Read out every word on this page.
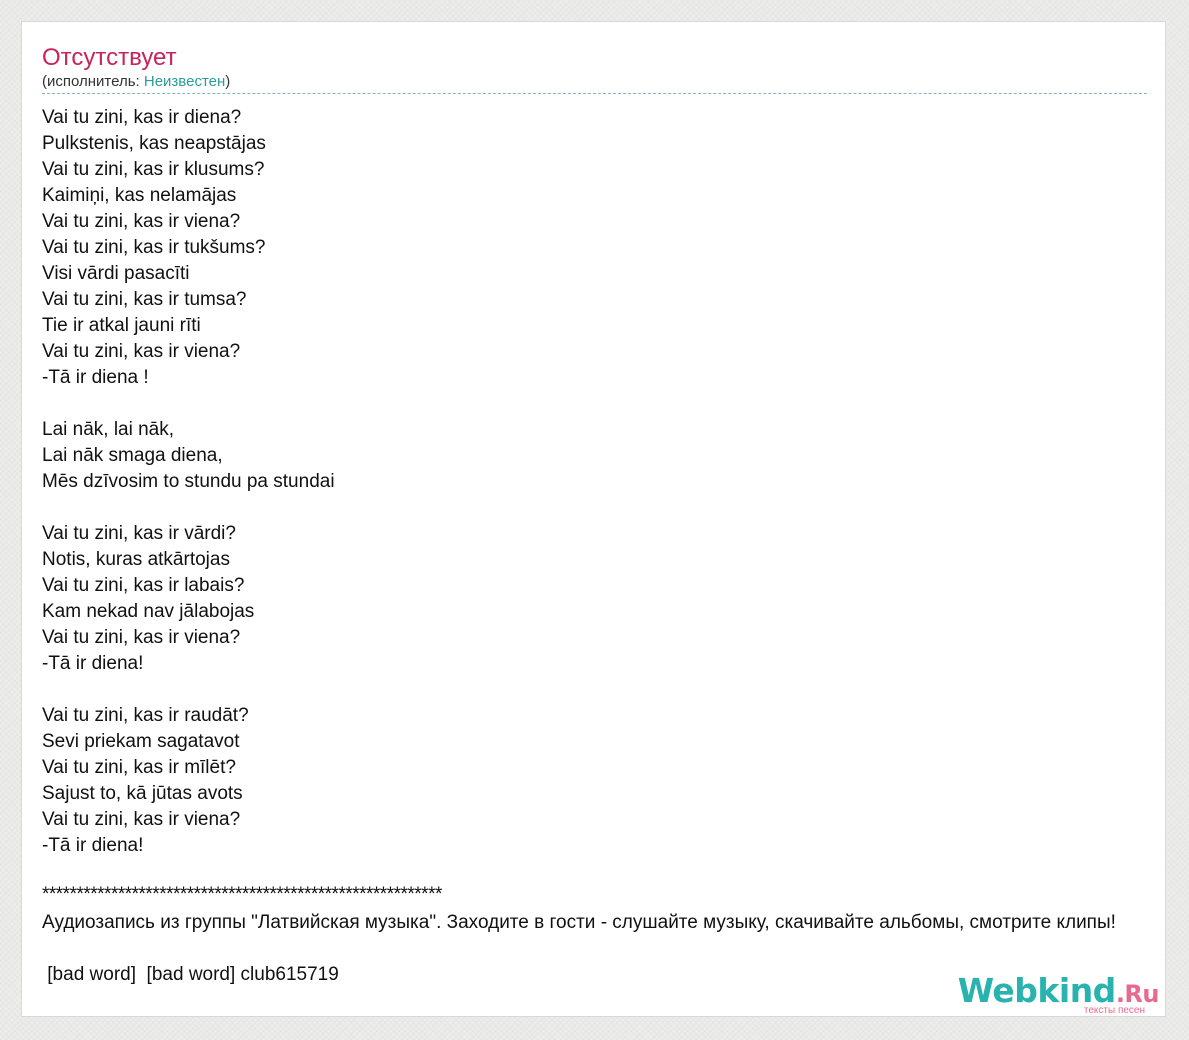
Отсутствует
(исполнитель: Неизвестен)
Vai tu zini, kas ir diena?
Pulkstenis, kas neapstājas
Vai tu zini, kas ir klusums?
Kaimiņi, kas nelamājas
Vai tu zini, kas ir viena?
Vai tu zini, kas ir tukšums?
Visi vārdi pasacīti
Vai tu zini, kas ir tumsa?
Tie ir atkal jauni rīti
Vai tu zini, kas ir viena?
-Tā ir diena !

Lai nāk, lai nāk,
Lai nāk smaga diena,
Mēs dzīvosim to stundu pa stundai

Vai tu zini, kas ir vārdi?
Notis, kuras atkārtojas
Vai tu zini, kas ir labais?
Kam nekad nav jālabojas
Vai tu zini, kas ir viena?
-Tā ir diena!

Vai tu zini, kas ir raudāt?
Sevi priekam sagatavot
Vai tu zini, kas ir mīlēt?
Sajust to, kā jūtas avots
Vai tu zini, kas ir viena?
-Tā ir diena!
**********************************************************
Аудиозапись из группы "Латвийская музыка". Заходите в гости - слушайте музыку, скачивайте альбомы, смотрите клипы!
[bad word]  [bad word] club615719	Webkind.Ru
тексты песен
